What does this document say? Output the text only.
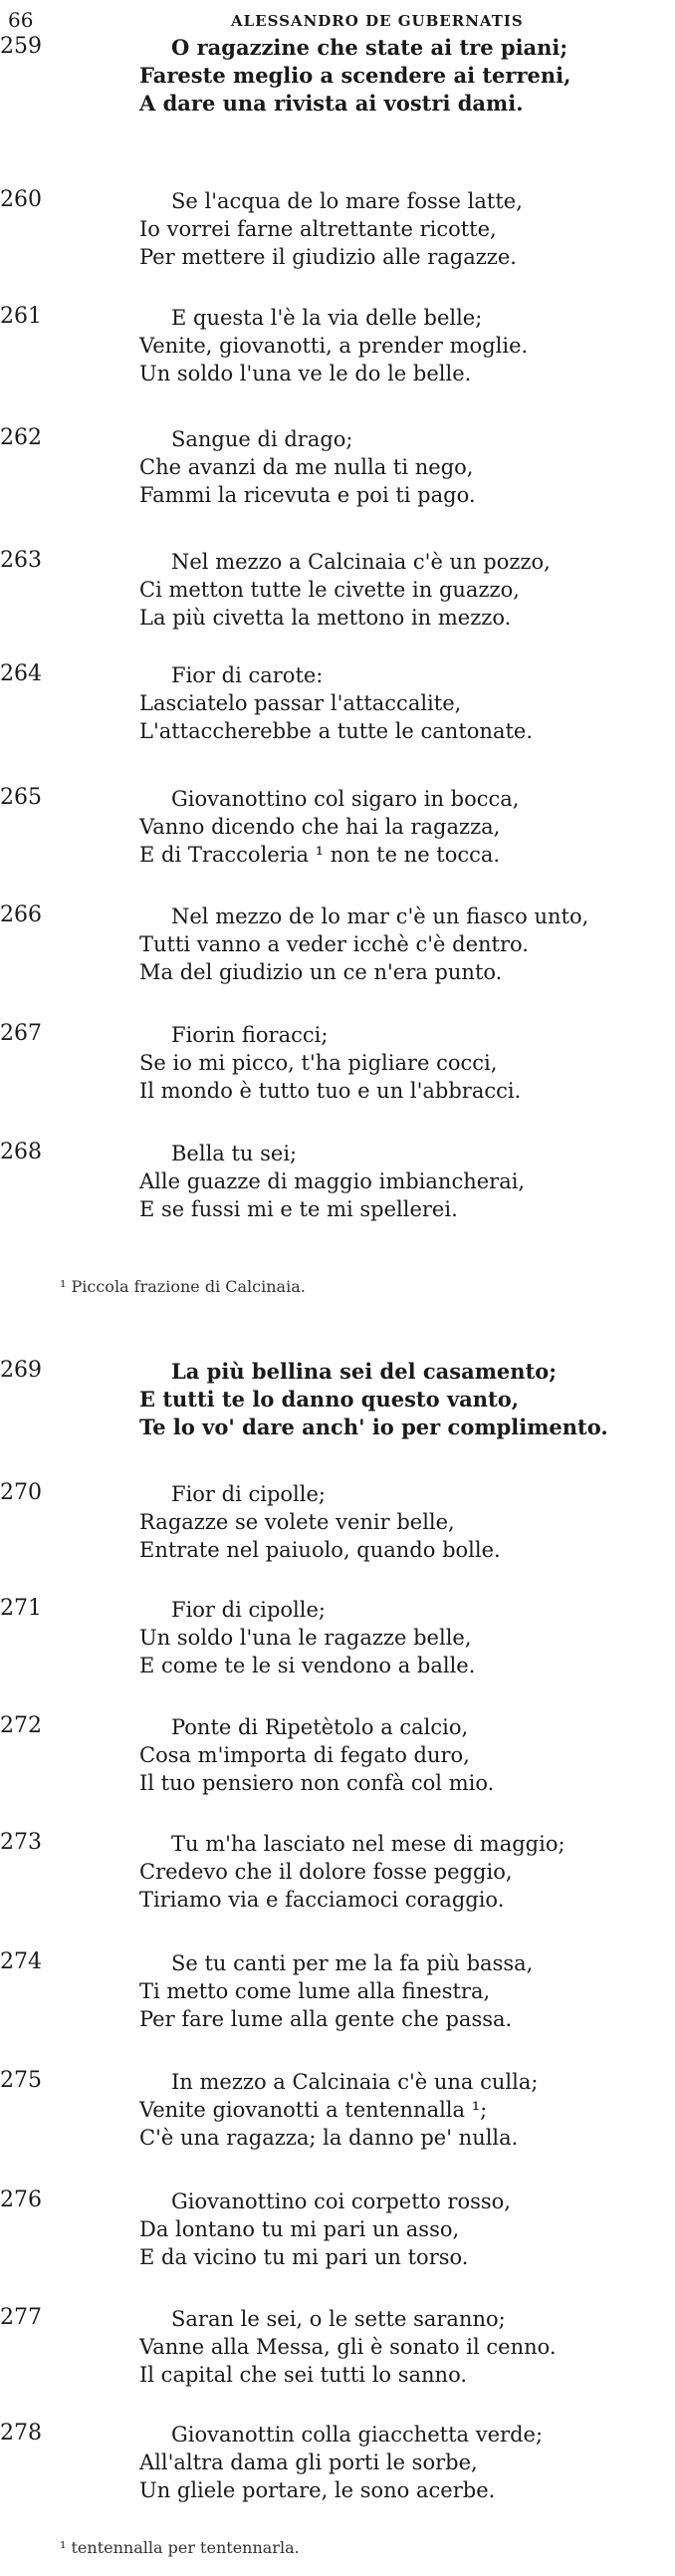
66	ALESSANDRO DE GUBERNATIS
259	O ragazzine che state ai tre piani;
Fareste meglio a scendere ai terreni,
A dare una rivista ai vostri dami.
260	Se l'acqua de lo mare fosse latte,
Io vorrei farne altrettante ricotte,
Per mettere il giudizio alle ragazze.
261	E questa l'è la via delle belle;
Venite, giovanotti, a prender moglie.
Un soldo l'una ve le do le belle.
262	Sangue di drago;
Che avanzi da me nulla ti nego,
Fammi la ricevuta e poi ti pago.
263	Nel mezzo a Calcinaia c'è un pozzo,
Ci metton tutte le civette in guazzo,
La più civetta la mettono in mezzo.
264	Fior di carote:
Lasciatelo passar l'attaccalite,
L'attaccherebbe a tutte le cantonate.
265	Giovanottino col sigaro in bocca,
Vanno dicendo che hai la ragazza,
E di Traccoleria ¹ non te ne tocca.
266	Nel mezzo de lo mar c'è un fiasco unto,
Tutti vanno a veder icchè c'è dentro.
Ma del giudizio un ce n'era punto.
267	Fiorin fioracci;
Se io mi picco, t'ha pigliare cocci,
Il mondo è tutto tuo e un l'abbracci.
268	Bella tu sei;
Alle guazze di maggio imbiancherai,
E se fussi mi e te mi spellerei.
269	La più bellina sei del casamento;
E tutti te lo danno questo vanto,
Te lo vo' dare anch' io per complimento.
270	Fior di cipolle;
Ragazze se volete venir belle,
Entrate nel paiuolo, quando bolle.
271	Fior di cipolle;
Un soldo l'una le ragazze belle,
E come te le si vendono a balle.
272	Ponte di Ripetètolo a calcio,
Cosa m'importa di fegato duro,
Il tuo pensiero non confà col mio.
273	Tu m'ha lasciato nel mese di maggio;
Credevo che il dolore fosse peggio,
Tiriamo via e facciamoci coraggio.
274	Se tu canti per me la fa più bassa,
Ti metto come lume alla finestra,
Per fare lume alla gente che passa.
275	In mezzo a Calcinaia c'è una culla;
Venite giovanotti a tentennalla ¹;
C'è una ragazza; la danno pe' nulla.
276	Giovanottino coi corpetto rosso,
Da lontano tu mi pari un asso,
E da vicino tu mi pari un torso.
277	Saran le sei, o le sette saranno;
Vanne alla Messa, gli è sonato il cenno.
Il capital che sei tutti lo sanno.
278	Giovanottin colla giacchetta verde;
All'altra dama gli porti le sorbe,
Un gliele portare, le sono acerbe.
¹ Piccola frazione di Calcinaia.
¹ tentennalla per tentennarla.
